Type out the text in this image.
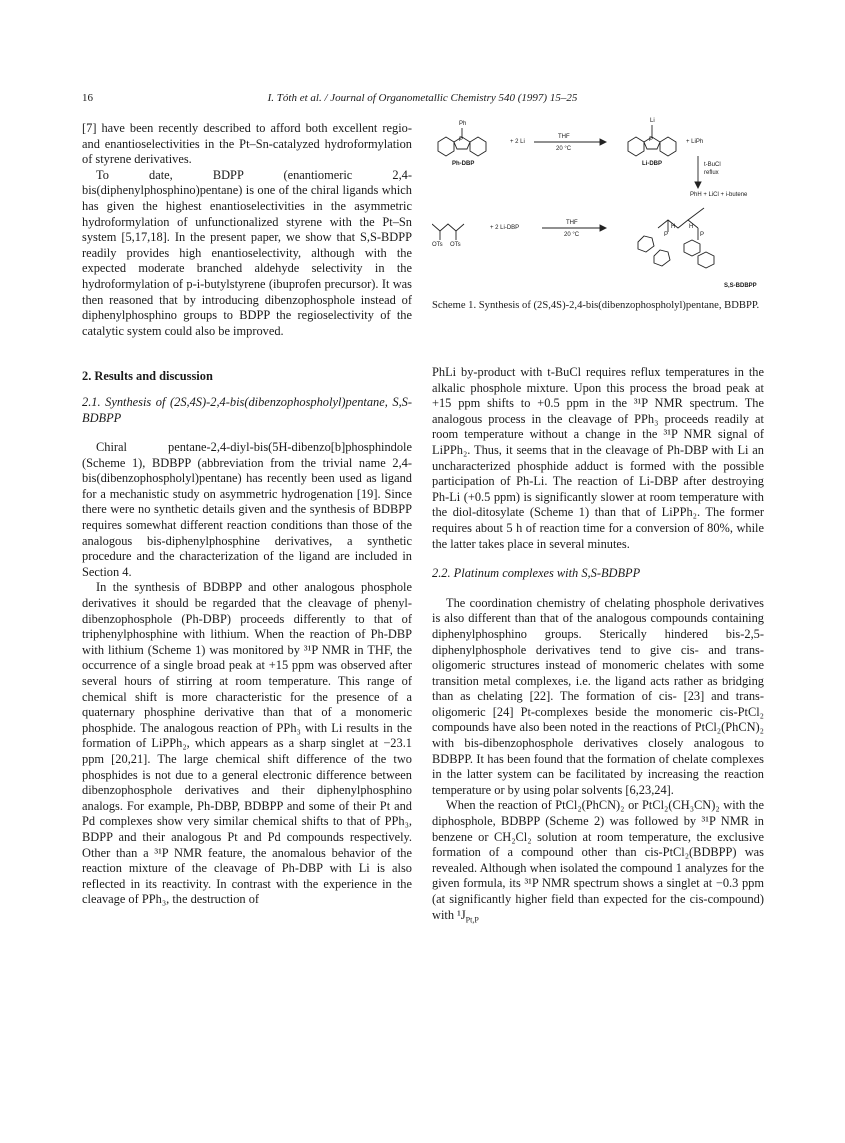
16	I. Tóth et al. / Journal of Organometallic Chemistry 540 (1997) 15–25

[7] have been recently described to afford both excellent regio- and enantioselectivities in the Pt–Sn-catalyzed hydroformylation of styrene derivatives.

To date, BDPP (enantiomeric 2,4-bis(diphenylphosphino)pentane) is one of the chiral ligands which has given the highest enantioselectivities in the asymmetric hydroformylation of unfunctionalized styrene with the Pt–Sn system [5,17,18]. In the present paper, we show that S,S-BDPP readily provides high enantioselectivity, although with the expected moderate branched aldehyde selectivity in the hydroformylation of p-i-butylstyrene (ibuprofen precursor). It was then reasoned that by introducing dibenzophosphole instead of diphenylphosphino groups to BDPP the regioselectivity of the catalytic system could also be improved.

2. Results and discussion

2.1. Synthesis of (2S,4S)-2,4-bis(dibenzophospholyl)pentane, S,S-BDBPP

Chiral pentane-2,4-diyl-bis(5H-dibenzo[b]phosphindole (Scheme 1), BDBPP (abbreviation from the trivial name 2,4-bis(dibenzophospholyl)pentane) has recently been used as ligand for a mechanistic study on asymmetric hydrogenation [19]. Since there were no synthetic details given and the synthesis of BDBPP requires somewhat different reaction conditions than those of the analogous bis-diphenylphosphine derivatives, a synthetic procedure and the characterization of the ligand are included in Section 4.

In the synthesis of BDBPP and other analogous phosphole derivatives it should be regarded that the cleavage of phenyl-dibenzophosphole (Ph-DBP) proceeds differently to that of triphenylphosphine with lithium. When the reaction of Ph-DBP with lithium (Scheme 1) was monitored by ³¹P NMR in THF, the occurrence of a single broad peak at +15 ppm was observed after several hours of stirring at room temperature. This range of chemical shift is more characteristic for the presence of a quaternary phosphine derivative than that of a monomeric phosphide. The analogous reaction of PPh₃ with Li results in the formation of LiPPh₂, which appears as a sharp singlet at −23.1 ppm [20,21]. The large chemical shift difference of the two phosphides is not due to a general electronic difference between dibenzophosphole derivatives and their diphenylphosphino analogs. For example, Ph-DBP, BDBPP and some of their Pt and Pd complexes show very similar chemical shifts to that of PPh₃, BDPP and their analogous Pt and Pd compounds respectively. Other than a ³¹P NMR feature, the anomalous behavior of the reaction mixture of the cleavage of Ph-DBP with Li is also reflected in its reactivity. In contrast with the experience in the cleavage of PPh₃, the destruction of

Ph
P	+ 2 Li
THF
20 °C
Ph-DBP
Li
P	+ LiPh
Li-DBP	t-BuCl
reflux
PhH + LiCl + i-butene
OTs OTs
+ 2 Li-DBP
THF
20 °C
H H
P	P
S,S-BDBPP
Scheme 1. Synthesis of (2S,4S)-2,4-bis(dibenzophospholyl)pentane, BDBPP.

PhLi by-product with t-BuCl requires reflux temperatures in the alkalic phosphole mixture. Upon this process the broad peak at +15 ppm shifts to +0.5 ppm in the ³¹P NMR spectrum. The analogous process in the cleavage of PPh₃ proceeds readily at room temperature without a change in the ³¹P NMR signal of LiPPh₂. Thus, it seems that in the cleavage of Ph-DBP with Li an uncharacterized phosphide adduct is formed with the possible participation of Ph-Li. The reaction of Li-DBP after destroying Ph-Li (+0.5 ppm) is significantly slower at room temperature with the diol-ditosylate (Scheme 1) than that of LiPPh₂. The former requires about 5 h of reaction time for a conversion of 80%, while the latter takes place in several minutes.

2.2. Platinum complexes with S,S-BDBPP

The coordination chemistry of chelating phosphole derivatives is also different than that of the analogous compounds containing diphenylphosphino groups. Sterically hindered bis-2,5-diphenylphosphole derivatives tend to give cis- and trans-oligomeric structures instead of monomeric chelates with some transition metal complexes, i.e. the ligand acts rather as bridging than as chelating [22]. The formation of cis- [23] and trans-oligomeric [24] Pt-complexes beside the monomeric cis-PtCl₂ compounds have also been noted in the reactions of PtCl₂(PhCN)₂ with bis-dibenzophosphole derivatives closely analogous to BDBPP. It has been found that the formation of chelate complexes in the latter system can be facilitated by increasing the reaction temperature or by using polar solvents [6,23,24].

When the reaction of PtCl₂(PhCN)₂ or PtCl₂(CH₃CN)₂ with the diphosphole, BDBPP (Scheme 2) was followed by ³¹P NMR in benzene or CH₂Cl₂ solution at room temperature, the exclusive formation of a compound other than cis-PtCl₂(BDBPP) was revealed. Although when isolated the compound 1 analyzes for the given formula, its ³¹P NMR spectrum shows a singlet at −0.3 ppm (at significantly higher field than expected for the cis-compound) with $^1J_{Pt,P}$
